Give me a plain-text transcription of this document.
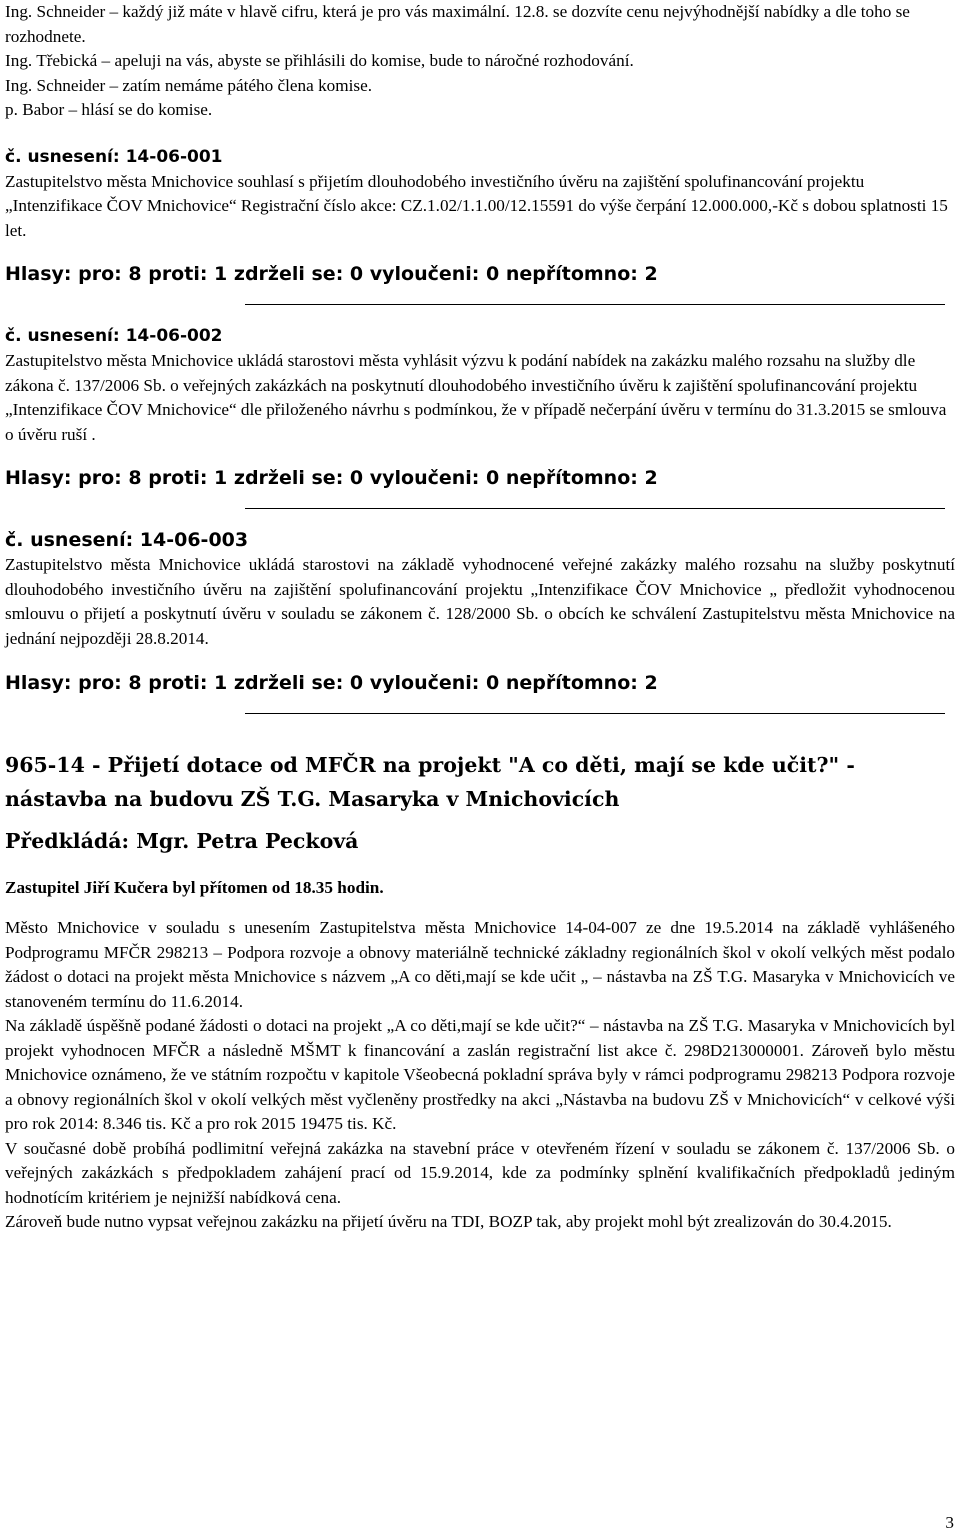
Ing. Schneider – každý již máte v hlavě cifru, která je pro vás maximální. 12.8. se dozvíte cenu nejvýhodnější nabídky a dle toho se rozhodnete.

Ing. Třebická – apeluji na vás, abyste se přihlásili do komise, bude to náročné rozhodování.

Ing. Schneider – zatím nemáme pátého člena komise.

p. Babor – hlásí se do komise.

č. usnesení: 14-06-001

Zastupitelstvo města Mnichovice souhlasí s přijetím dlouhodobého investičního úvěru na zajištění spolufinancování projektu „Intenzifikace ČOV Mnichovice“ Registrační číslo akce: CZ.1.02/1.1.00/12.15591 do výše čerpání 12.000.000,-Kč s dobou splatnosti 15 let.

Hlasy: pro: 8 proti: 1 zdrželi se: 0 vyloučeni: 0 nepřítomno: 2

č. usnesení: 14-06-002

Zastupitelstvo města Mnichovice ukládá starostovi města vyhlásit výzvu k podání nabídek na zakázku malého rozsahu na služby dle zákona č. 137/2006 Sb. o veřejných zakázkách na poskytnutí dlouhodobého investičního úvěru k zajištění spolufinancování projektu „Intenzifikace ČOV Mnichovice“ dle přiloženého návrhu s podmínkou, že v případě nečerpání úvěru v termínu do 31.3.2015 se smlouva o úvěru ruší .

Hlasy: pro: 8 proti: 1 zdrželi se: 0 vyloučeni: 0 nepřítomno: 2

č. usnesení: 14-06-003

Zastupitelstvo města Mnichovice ukládá starostovi na základě vyhodnocené veřejné zakázky malého rozsahu na služby poskytnutí dlouhodobého investičního úvěru na zajištění spolufinancování projektu „Intenzifikace ČOV Mnichovice „ předložit vyhodnocenou smlouvu o přijetí a poskytnutí úvěru v souladu se zákonem č. 128/2000 Sb. o obcích ke schválení Zastupitelstvu města Mnichovice na jednání nejpozději 28.8.2014.

Hlasy: pro: 8 proti: 1 zdrželi se: 0 vyloučeni: 0 nepřítomno: 2

965-14 - Přijetí dotace od MFČR na projekt "A co děti, mají se kde učit?" - nástavba na budovu ZŠ T.G. Masaryka v Mnichovicích

Předkládá: Mgr. Petra Pecková

Zastupitel Jiří Kučera byl přítomen od 18.35 hodin.

Město Mnichovice v souladu s unesením Zastupitelstva města Mnichovice 14-04-007 ze dne 19.5.2014 na základě vyhlášeného Podprogramu MFČR 298213 – Podpora rozvoje a obnovy materiálně technické základny regionálních škol v okolí velkých měst podalo žádost o dotaci na projekt města Mnichovice s názvem „A co děti,mají se kde učit „ – nástavba na ZŠ T.G. Masaryka v Mnichovicích ve stanoveném termínu do 11.6.2014.

Na základě úspěšně podané žádosti o dotaci na projekt „A co děti,mají se kde učit?“ – nástavba na ZŠ T.G. Masaryka v Mnichovicích byl projekt vyhodnocen MFČR a následně MŠMT k financování a zaslán registrační list akce č. 298D213000001. Zároveň bylo městu Mnichovice oznámeno, že ve státním rozpočtu v kapitole Všeobecná pokladní správa byly v rámci podprogramu 298213 Podpora rozvoje a obnovy regionálních škol v okolí velkých měst vyčleněny prostředky na akci „Nástavba na budovu ZŠ v Mnichovicích“ v celkové výši pro rok 2014: 8.346 tis. Kč a pro rok 2015 19475 tis. Kč.

V současné době probíhá podlimitní veřejná zakázka na stavební práce v otevřeném řízení v souladu se zákonem č. 137/2006 Sb. o veřejných zakázkách s předpokladem zahájení prací od 15.9.2014, kde za podmínky splnění kvalifikačních předpokladů jediným hodnotícím kritériem je nejnižší nabídková cena.

Zároveň bude nutno vypsat veřejnou zakázku na přijetí úvěru na TDI, BOZP tak, aby projekt mohl být zrealizován do 30.4.2015.

3
